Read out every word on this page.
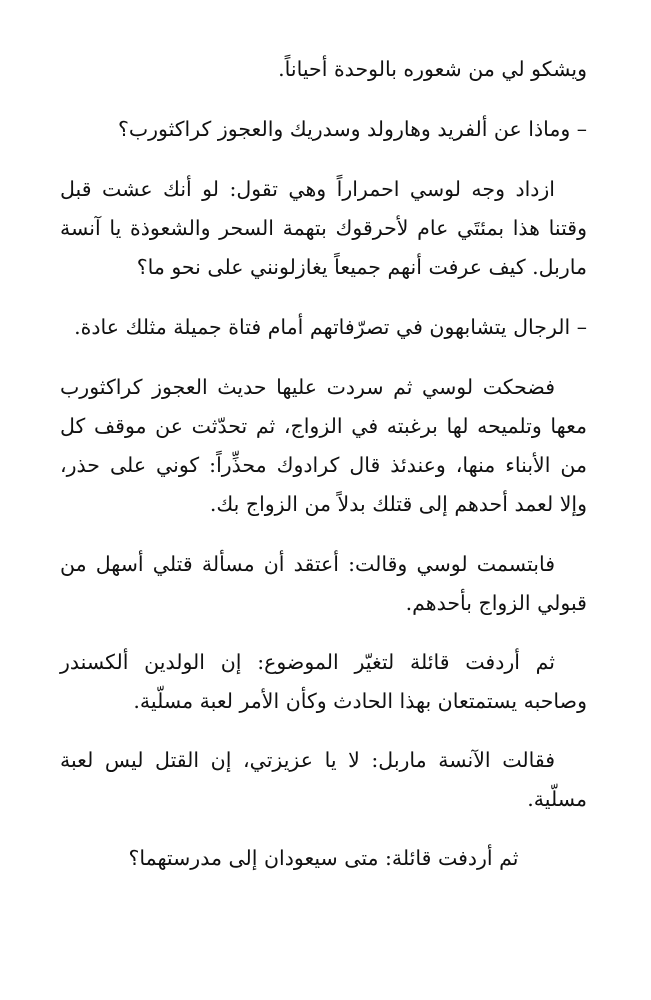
ويشكو لي من شعوره بالوحدة أحياناً.

– وماذا عن ألفريد وهارولد وسدريك والعجوز كراكثورب؟

ازداد وجه لوسي احمراراً وهي تقول: لو أنك عشت قبل وقتنا هذا بمئتَي عام لأحرقوك بتهمة السحر والشعوذة يا آنسة ماربل. كيف عرفت أنهم جميعاً يغازلونني على نحو ما؟

– الرجال يتشابهون في تصرّفاتهم أمام فتاة جميلة مثلك عادة.

فضحكت لوسي ثم سردت عليها حديث العجوز كراكثورب معها وتلميحه لها برغبته في الزواج، ثم تحدّثت عن موقف كل من الأبناء منها، وعندئذ قال كرادوك محذِّراً: كوني على حذر، وإلا لعمد أحدهم إلى قتلك بدلاً من الزواج بك.

فابتسمت لوسي وقالت: أعتقد أن مسألة قتلي أسهل من قبولي الزواج بأحدهم.

ثم أردفت قائلة لتغيّر الموضوع: إن الولدين ألكسندر وصاحبه يستمتعان بهذا الحادث وكأن الأمر لعبة مسلّية.

فقالت الآنسة ماربل: لا يا عزيزتي، إن القتل ليس لعبة مسلّية.

ثم أردفت قائلة: متى سيعودان إلى مدرستهما؟
